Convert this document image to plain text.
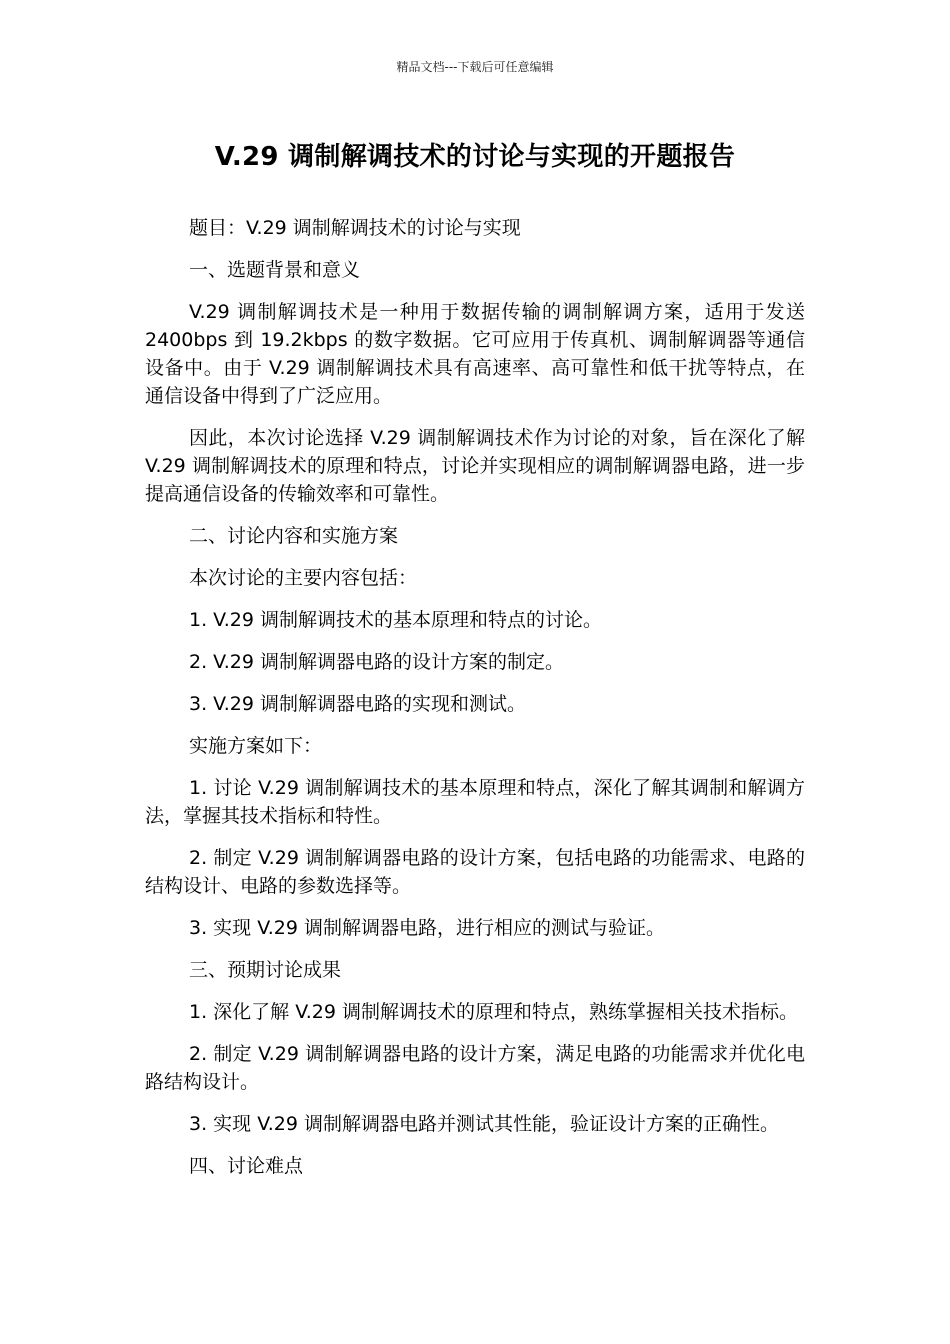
精品文档---下载后可任意编辑
V.29 调制解调技术的讨论与实现的开题报告

题目：V.29 调制解调技术的讨论与实现

一、选题背景和意义

V.29 调制解调技术是一种用于数据传输的调制解调方案，适用于发送 2400bps 到 19.2kbps 的数字数据。它可应用于传真机、调制解调器等通信设备中。由于 V.29 调制解调技术具有高速率、高可靠性和低干扰等特点，在通信设备中得到了广泛应用。

因此，本次讨论选择 V.29 调制解调技术作为讨论的对象，旨在深化了解 V.29 调制解调技术的原理和特点，讨论并实现相应的调制解调器电路，进一步提高通信设备的传输效率和可靠性。

二、讨论内容和实施方案

本次讨论的主要内容包括：

1. V.29 调制解调技术的基本原理和特点的讨论。

2. V.29 调制解调器电路的设计方案的制定。

3. V.29 调制解调器电路的实现和测试。

实施方案如下：

1. 讨论 V.29 调制解调技术的基本原理和特点，深化了解其调制和解调方法，掌握其技术指标和特性。

2. 制定 V.29 调制解调器电路的设计方案，包括电路的功能需求、电路的结构设计、电路的参数选择等。

3. 实现 V.29 调制解调器电路，进行相应的测试与验证。

三、预期讨论成果

1. 深化了解 V.29 调制解调技术的原理和特点，熟练掌握相关技术指标。

2. 制定 V.29 调制解调器电路的设计方案，满足电路的功能需求并优化电路结构设计。

3. 实现 V.29 调制解调器电路并测试其性能，验证设计方案的正确性。

四、讨论难点
